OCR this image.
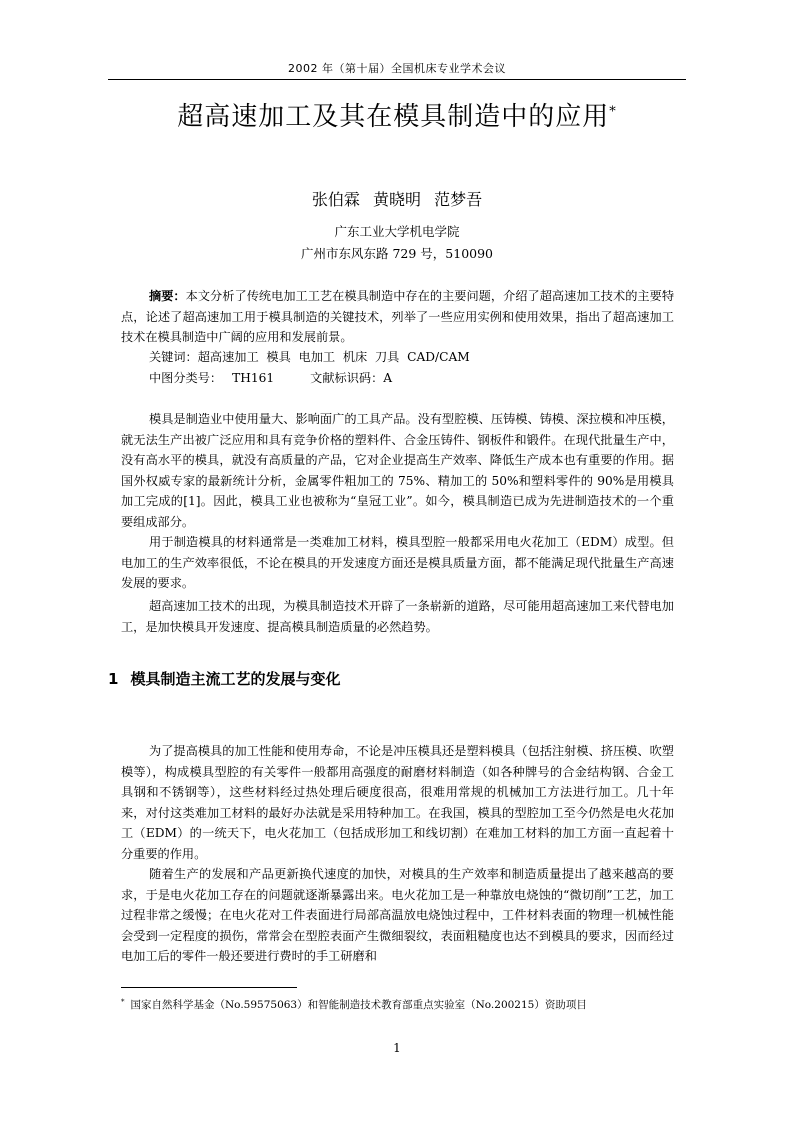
2002 年（第十届）全国机床专业学术会议
超高速加工及其在模具制造中的应用*
张伯霖 黄晓明 范梦吾
广东工业大学机电学院
广州市东风东路 729 号，510090

摘要：本文分析了传统电加工工艺在模具制造中存在的主要问题，介绍了超高速加工技术的主要特点，论述了超高速加工用于模具制造的关键技术，列举了一些应用实例和使用效果，指出了超高速加工技术在模具制造中广阔的应用和发展前景。

关键词：超高速加工  模具  电加工  机床  刀具  CAD/CAM
中图分类号： TH161	文献标识码：A

模具是制造业中使用量大、影响面广的工具产品。没有型腔模、压铸模、铸模、深拉模和冲压模，就无法生产出被广泛应用和具有竞争价格的塑料件、合金压铸件、钢板件和锻件。在现代批量生产中，没有高水平的模具，就没有高质量的产品，它对企业提高生产效率、降低生产成本也有重要的作用。据国外权威专家的最新统计分析，金属零件粗加工的 75%、精加工的 50%和塑料零件的 90%是用模具加工完成的[1]。因此，模具工业也被称为“皇冠工业”。如今，模具制造已成为先进制造技术的一个重要组成部分。

用于制造模具的材料通常是一类难加工材料，模具型腔一般都采用电火花加工（EDM）成型。但电加工的生产效率很低，不论在模具的开发速度方面还是模具质量方面，都不能满足现代批量生产高速发展的要求。

超高速加工技术的出现，为模具制造技术开辟了一条崭新的道路，尽可能用超高速加工来代替电加工，是加快模具开发速度、提高模具制造质量的必然趋势。

1 模具制造主流工艺的发展与变化

为了提高模具的加工性能和使用寿命，不论是冲压模具还是塑料模具（包括注射模、挤压模、吹塑模等），构成模具型腔的有关零件一般都用高强度的耐磨材料制造（如各种牌号的合金结构钢、合金工具钢和不锈钢等），这些材料经过热处理后硬度很高，很难用常规的机械加工方法进行加工。几十年来，对付这类难加工材料的最好办法就是采用特种加工。在我国，模具的型腔加工至今仍然是电火花加工（EDM）的一统天下，电火花加工（包括成形加工和线切割）在难加工材料的加工方面一直起着十分重要的作用。

随着生产的发展和产品更新换代速度的加快，对模具的生产效率和制造质量提出了越来越高的要求，于是电火花加工存在的问题就逐渐暴露出来。电火花加工是一种靠放电烧蚀的“微切削”工艺，加工过程非常之缓慢；在电火花对工件表面进行局部高温放电烧蚀过程中，工件材料表面的物理一机械性能会受到一定程度的损伤，常常会在型腔表面产生微细裂纹，表面粗糙度也达不到模具的要求，因而经过电加工后的零件一般还要进行费时的手工研磨和

* 国家自然科学基金（No.59575063）和智能制造技术教育部重点实验室（No.200215）资助项目
1
